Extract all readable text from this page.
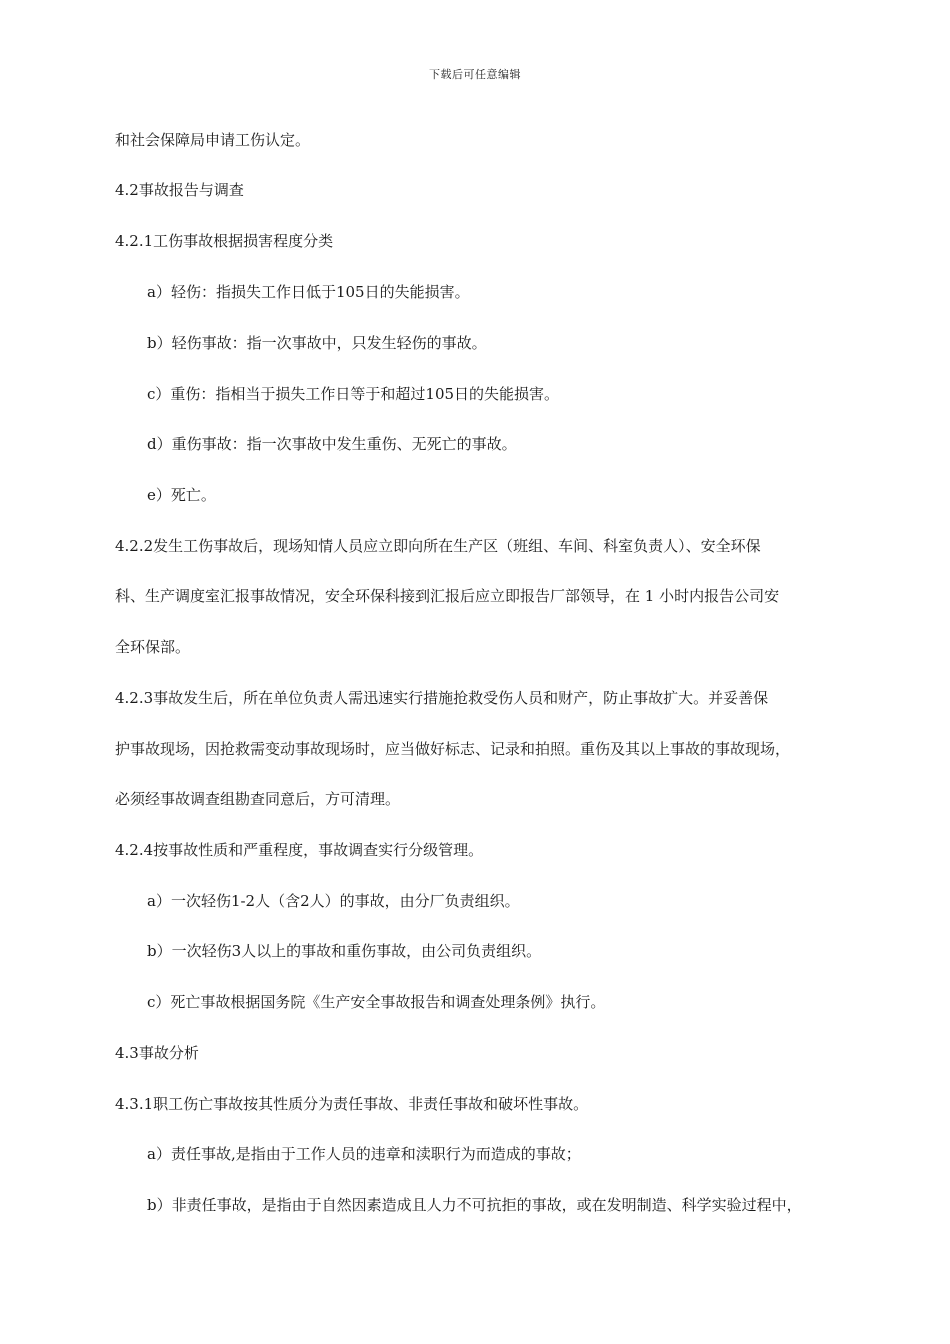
下载后可任意编辑
和社会保障局申请工伤认定。
4.2事故报告与调查
4.2.1工伤事故根据损害程度分类
a）轻伤：指损失工作日低于105日的失能损害。
b）轻伤事故：指一次事故中，只发生轻伤的事故。
c）重伤：指相当于损失工作日等于和超过105日的失能损害。
d）重伤事故：指一次事故中发生重伤、无死亡的事故。
e）死亡。
4.2.2发生工伤事故后，现场知情人员应立即向所在生产区（班组、车间、科室负责人）、安全环保
科、生产调度室汇报事故情况，安全环保科接到汇报后应立即报告厂部领导，在 1 小时内报告公司安
全环保部。
4.2.3事故发生后，所在单位负责人需迅速实行措施抢救受伤人员和财产，防止事故扩大。并妥善保
护事故现场，因抢救需变动事故现场时，应当做好标志、记录和拍照。重伤及其以上事故的事故现场，
必须经事故调查组勘查同意后，方可清理。
4.2.4按事故性质和严重程度，事故调查实行分级管理。
a）一次轻伤1-2人（含2人）的事故，由分厂负责组织。
b）一次轻伤3人以上的事故和重伤事故，由公司负责组织。
c）死亡事故根据国务院《生产安全事故报告和调查处理条例》执行。
4.3事故分析
4.3.1职工伤亡事故按其性质分为责任事故、非责任事故和破坏性事故。
a）责任事故,是指由于工作人员的违章和渎职行为而造成的事故；
b）非责任事故，是指由于自然因素造成且人力不可抗拒的事故，或在发明制造、科学实验过程中，
